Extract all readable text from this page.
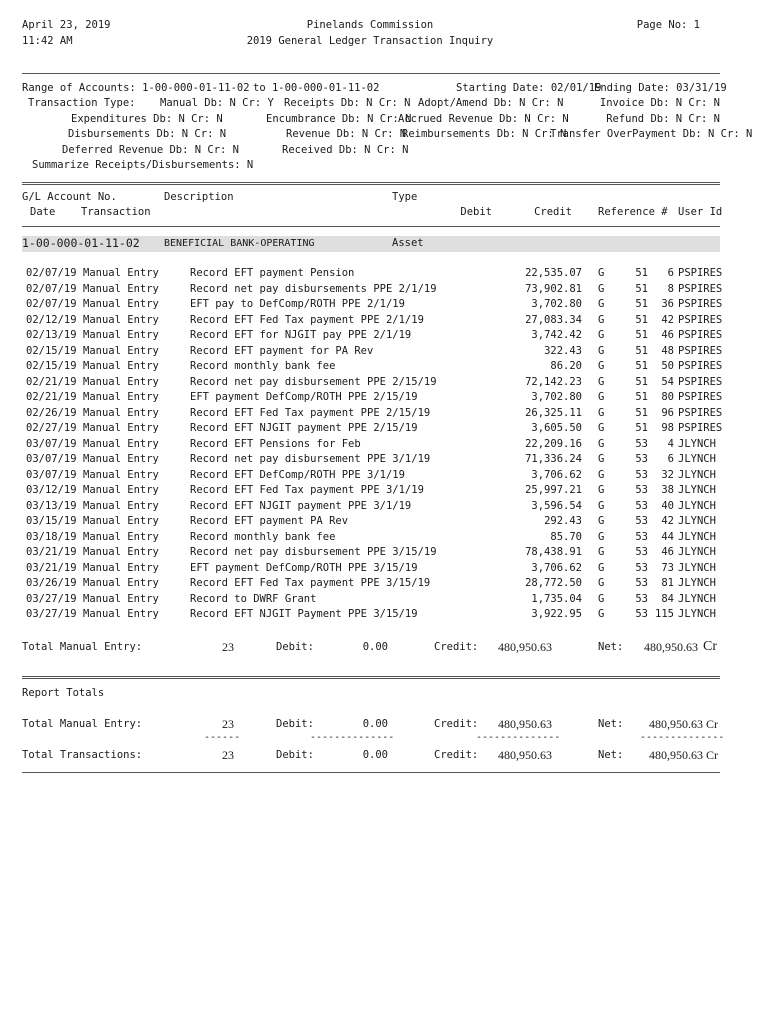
April 23, 2019
11:42 AM
Pinelands Commission
2019 General Ledger Transaction Inquiry
Page No: 1
Range of Accounts: 1-00-000-01-11-02 to 1-00-000-01-11-02	Starting Date: 02/01/19
Ending Date: 03/31/19
Transaction Type: Manual Db: N Cr: Y Receipts Db: N Cr: N Adopt/Amend Db: N Cr: N	Invoice Db: N Cr: N
Expenditures Db: N Cr: N	Encumbrance Db: N Cr: N
Accrued Revenue Db: N Cr: N	Refund Db: N Cr: N
Disbursements Db: N Cr: N	Revenue Db: N Cr: N
Reimbursements Db: N Cr: N
Transfer OverPayment Db: N Cr: N
Deferred Revenue Db: N Cr: N	Received Db: N Cr: N
Summarize Receipts/Disbursements: N
G/L Account No.
Date Transaction
Description	Type
Debit	Credit Reference # User Id
1-00-000-01-11-02 BENEFICIAL BANK-OPERATING	Asset
02/07/19 Manual Entry	Record EFT payment Pension	22,535.07 G	51	6 PSPIRES
02/07/19 Manual Entry	Record net pay disbursements PPE 2/1/19	73,902.81 G	51	8 PSPIRES
02/07/19 Manual Entry	EFT pay to DefComp/ROTH PPE 2/1/19	3,702.80 G	51	36 PSPIRES
02/12/19 Manual Entry	Record EFT Fed Tax payment PPE 2/1/19	27,083.34 G	51	42 PSPIRES
02/13/19 Manual Entry	Record EFT for NJGIT pay PPE 2/1/19	3,742.42 G	51	46 PSPIRES
02/15/19 Manual Entry	Record EFT payment for PA Rev	322.43 G	51	48 PSPIRES
02/15/19 Manual Entry	Record monthly bank fee	86.20 G	51	50 PSPIRES
02/21/19 Manual Entry	Record net pay disbursement PPE 2/15/19	72,142.23 G	51	54 PSPIRES
02/21/19 Manual Entry	EFT payment DefComp/ROTH PPE 2/15/19	3,702.80 G	51	80 PSPIRES
02/26/19 Manual Entry	Record EFT Fed Tax payment PPE 2/15/19	26,325.11 G	51	96 PSPIRES
02/27/19 Manual Entry	Record EFT NJGIT payment PPE 2/15/19	3,605.50 G	51	98 PSPIRES
03/07/19 Manual Entry	Record EFT Pensions for Feb	22,209.16 G	53	4 JLYNCH
03/07/19 Manual Entry	Record net pay disbursement PPE 3/1/19	71,336.24 G	53	6 JLYNCH
03/07/19 Manual Entry	Record EFT DefComp/ROTH PPE 3/1/19	3,706.62 G	53	32 JLYNCH
03/12/19 Manual Entry	Record EFT Fed Tax payment PPE 3/1/19	25,997.21 G	53	38 JLYNCH
03/13/19 Manual Entry	Record EFT NJGIT payment PPE 3/1/19	3,596.54 G	53	40 JLYNCH
03/15/19 Manual Entry	Record EFT payment PA Rev	292.43 G	53	42 JLYNCH
03/18/19 Manual Entry	Record monthly bank fee	85.70 G	53	44 JLYNCH
03/21/19 Manual Entry	Record net pay disbursement PPE 3/15/19	78,438.91 G	53	46 JLYNCH
03/21/19 Manual Entry	EFT payment DefComp/ROTH PPE 3/15/19	3,706.62 G	53	73 JLYNCH
03/26/19 Manual Entry	Record EFT Fed Tax payment PPE 3/15/19	28,772.50 G	53	81 JLYNCH
03/27/19 Manual Entry	Record to DWRF Grant	1,735.04 G	53	84 JLYNCH
03/27/19 Manual Entry	Record EFT NJGIT Payment PPE 3/15/19	3,922.95 G	53 115 JLYNCH
Total Manual Entry:	23	Debit:	0.00	Credit:	480,950.63	Net:	480,950.63 Cr
Report Totals
Total Manual Entry:	23	Debit:	0.00	Credit:	480,950.63	Net:	480,950.63 Cr
------	--------------	--------------	--------------
Total Transactions:	23	Debit:	0.00	Credit:	480,950.63	Net:	480,950.63 Cr
